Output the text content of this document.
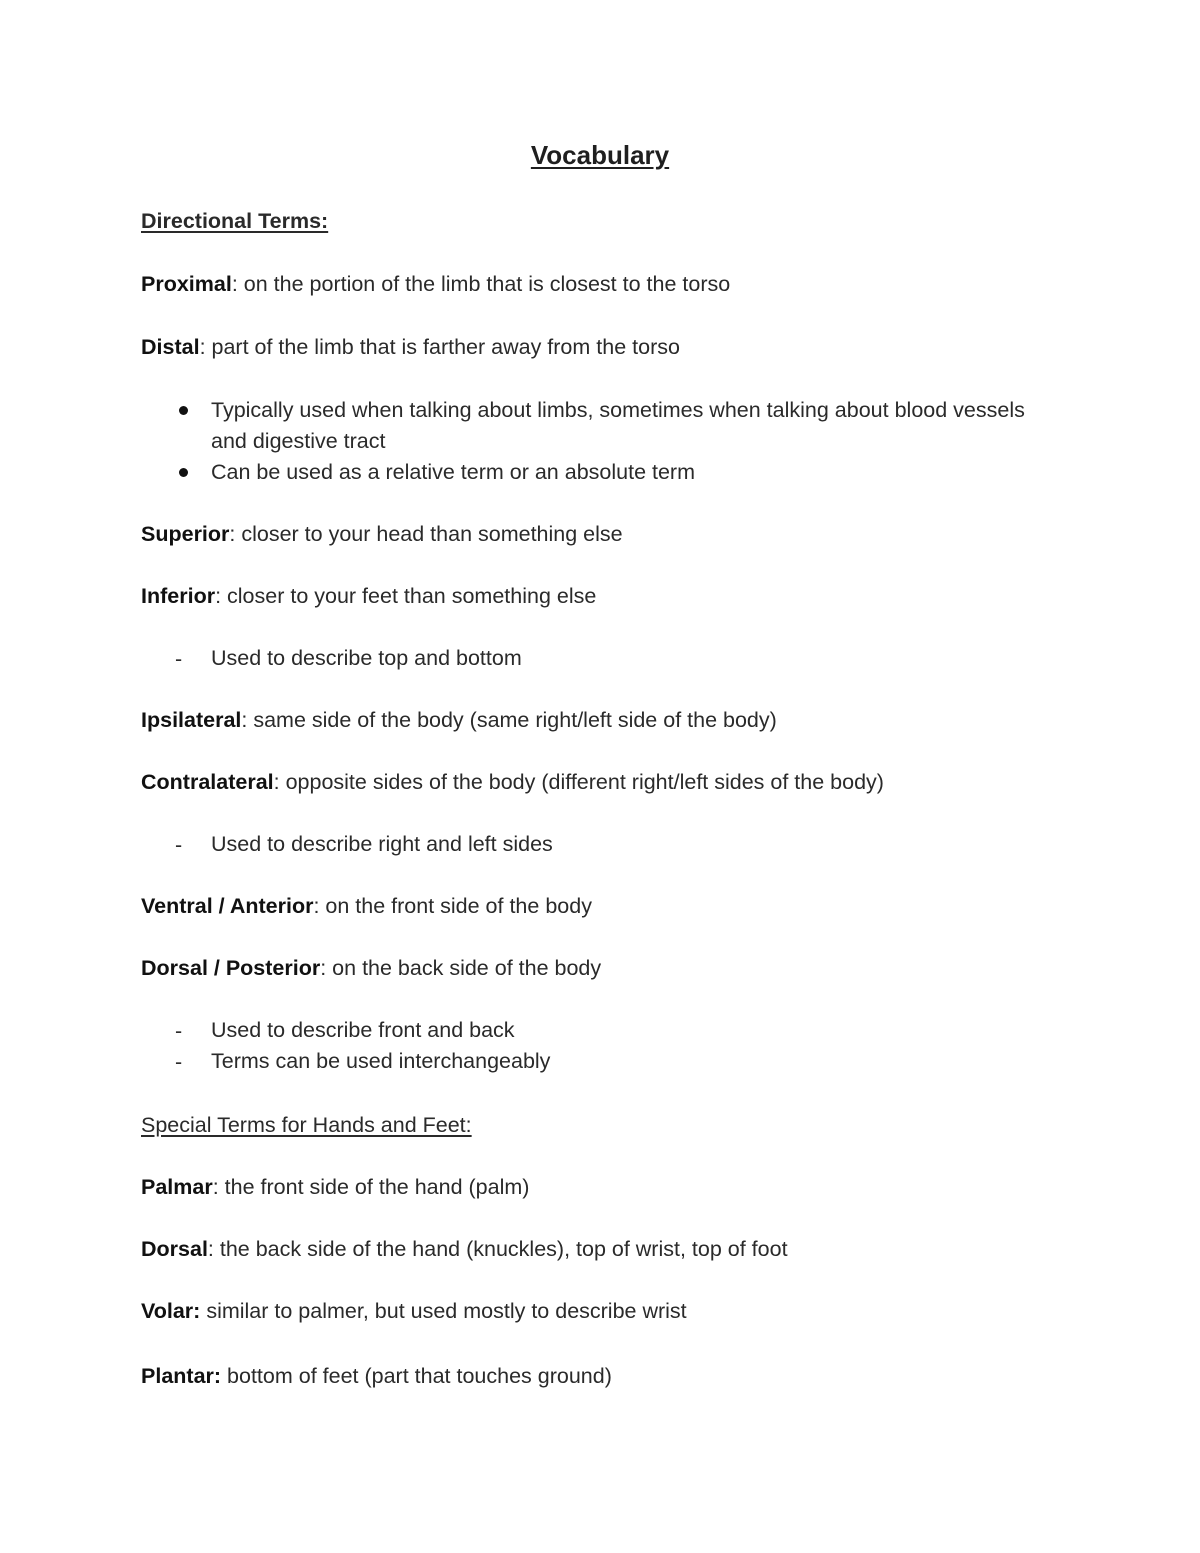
Vocabulary
Directional Terms:
Proximal: on the portion of the limb that is closest to the torso
Distal: part of the limb that is farther away from the torso
Typically used when talking about limbs, sometimes when talking about blood vessels and digestive tract
Can be used as a relative term or an absolute term
Superior: closer to your head than something else
Inferior: closer to your feet than something else
- Used to describe top and bottom
Ipsilateral: same side of the body (same right/left side of the body)
Contralateral: opposite sides of the body (different right/left sides of the body)
- Used to describe right and left sides
Ventral / Anterior: on the front side of the body
Dorsal / Posterior: on the back side of the body
- Used to describe front and back
- Terms can be used interchangeably
Special Terms for Hands and Feet:
Palmar: the front side of the hand (palm)
Dorsal: the back side of the hand (knuckles), top of wrist, top of foot
Volar: similar to palmer, but used mostly to describe wrist
Plantar: bottom of feet (part that touches ground)
